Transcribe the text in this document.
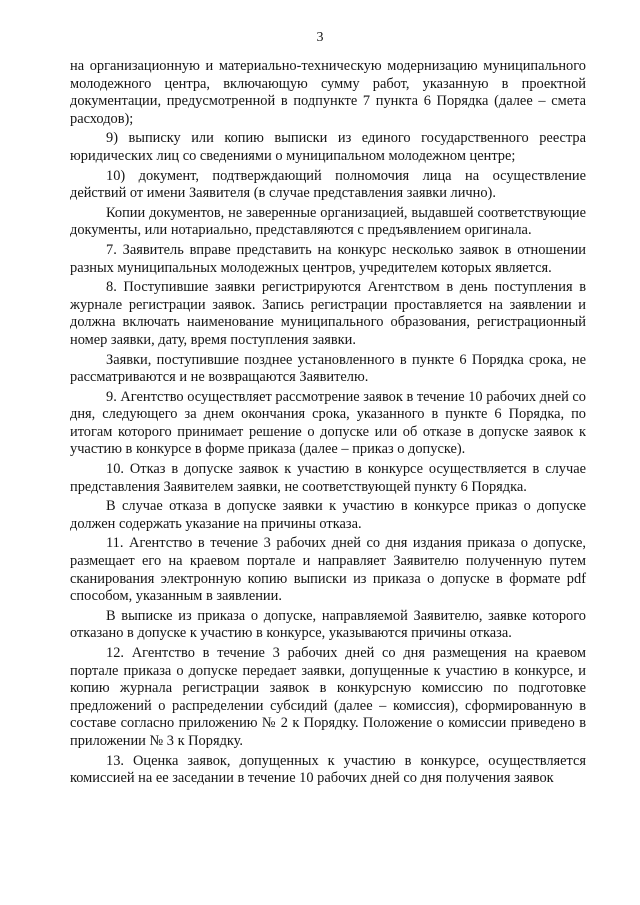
3

на организационную и материально-техническую модернизацию муниципального молодежного центра, включающую сумму работ, указанную в проектной документации, предусмотренной в подпункте 7 пункта 6 Порядка (далее – смета расходов);

9) выписку или копию выписки из единого государственного реестра юридических лиц со сведениями о муниципальном молодежном центре;

10) документ, подтверждающий полномочия лица на осуществление действий от имени Заявителя (в случае представления заявки лично).

Копии документов, не заверенные организацией, выдавшей соответствующие документы, или нотариально, представляются с предъявлением оригинала.

7. Заявитель вправе представить на конкурс несколько заявок в отношении разных муниципальных молодежных центров, учредителем которых является.

8. Поступившие заявки регистрируются Агентством в день поступления в журнале регистрации заявок. Запись регистрации проставляется на заявлении и должна включать наименование муниципального образования, регистрационный номер заявки, дату, время поступления заявки.

Заявки, поступившие позднее установленного в пункте 6 Порядка срока, не рассматриваются и не возвращаются Заявителю.

9. Агентство осуществляет рассмотрение заявок в течение 10 рабочих дней со дня, следующего за днем окончания срока, указанного в пункте 6 Порядка, по итогам которого принимает решение о допуске или об отказе в допуске заявок к участию в конкурсе в форме приказа (далее – приказ о допуске).

10. Отказ в допуске заявок к участию в конкурсе осуществляется в случае представления Заявителем заявки, не соответствующей пункту 6 Порядка.

В случае отказа в допуске заявки к участию в конкурсе приказ о допуске должен содержать указание на причины отказа.

11. Агентство в течение 3 рабочих дней со дня издания приказа о допуске, размещает его на краевом портале и направляет Заявителю полученную путем сканирования электронную копию выписки из приказа о допуске в формате pdf способом, указанным в заявлении.

В выписке из приказа о допуске, направляемой Заявителю, заявке которого отказано в допуске к участию в конкурсе, указываются причины отказа.

12. Агентство в течение 3 рабочих дней со дня размещения на краевом портале приказа о допуске передает заявки, допущенные к участию в конкурсе, и копию журнала регистрации заявок в конкурсную комиссию по подготовке предложений о распределении субсидий (далее – комиссия), сформированную в составе согласно приложению № 2 к Порядку. Положение о комиссии приведено в приложении № 3 к Порядку.

13. Оценка заявок, допущенных к участию в конкурсе, осуществляется комиссией на ее заседании в течение 10 рабочих дней со дня получения заявок
